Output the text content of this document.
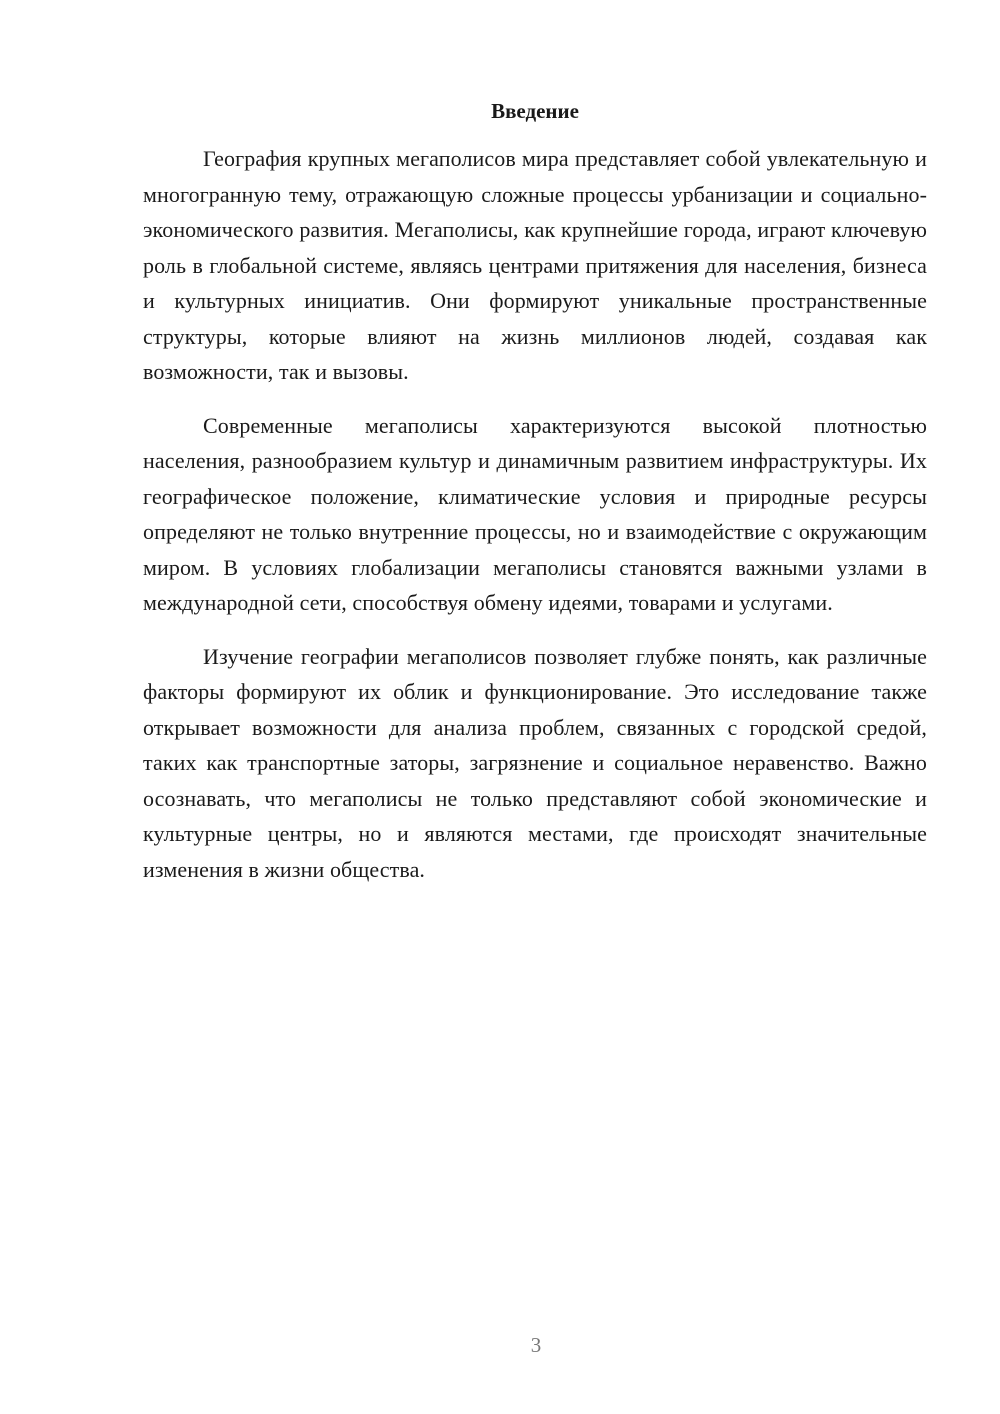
Введение

География крупных мегаполисов мира представляет собой увлекательную и многогранную тему, отражающую сложные процессы урбанизации и социально-экономического развития. Мегаполисы, как крупнейшие города, играют ключевую роль в глобальной системе, являясь центрами притяжения для населения, бизнеса и культурных инициатив. Они формируют уникальные пространственные структуры, которые влияют на жизнь миллионов людей, создавая как возможности, так и вызовы.

Современные мегаполисы характеризуются высокой плотностью населения, разнообразием культур и динамичным развитием инфраструктуры. Их географическое положение, климатические условия и природные ресурсы определяют не только внутренние процессы, но и взаимодействие с окружающим миром. В условиях глобализации мегаполисы становятся важными узлами в международной сети, способствуя обмену идеями, товарами и услугами.

Изучение географии мегаполисов позволяет глубже понять, как различные факторы формируют их облик и функционирование. Это исследование также открывает возможности для анализа проблем, связанных с городской средой, таких как транспортные заторы, загрязнение и социальное неравенство. Важно осознавать, что мегаполисы не только представляют собой экономические и культурные центры, но и являются местами, где происходят значительные изменения в жизни общества.

3
